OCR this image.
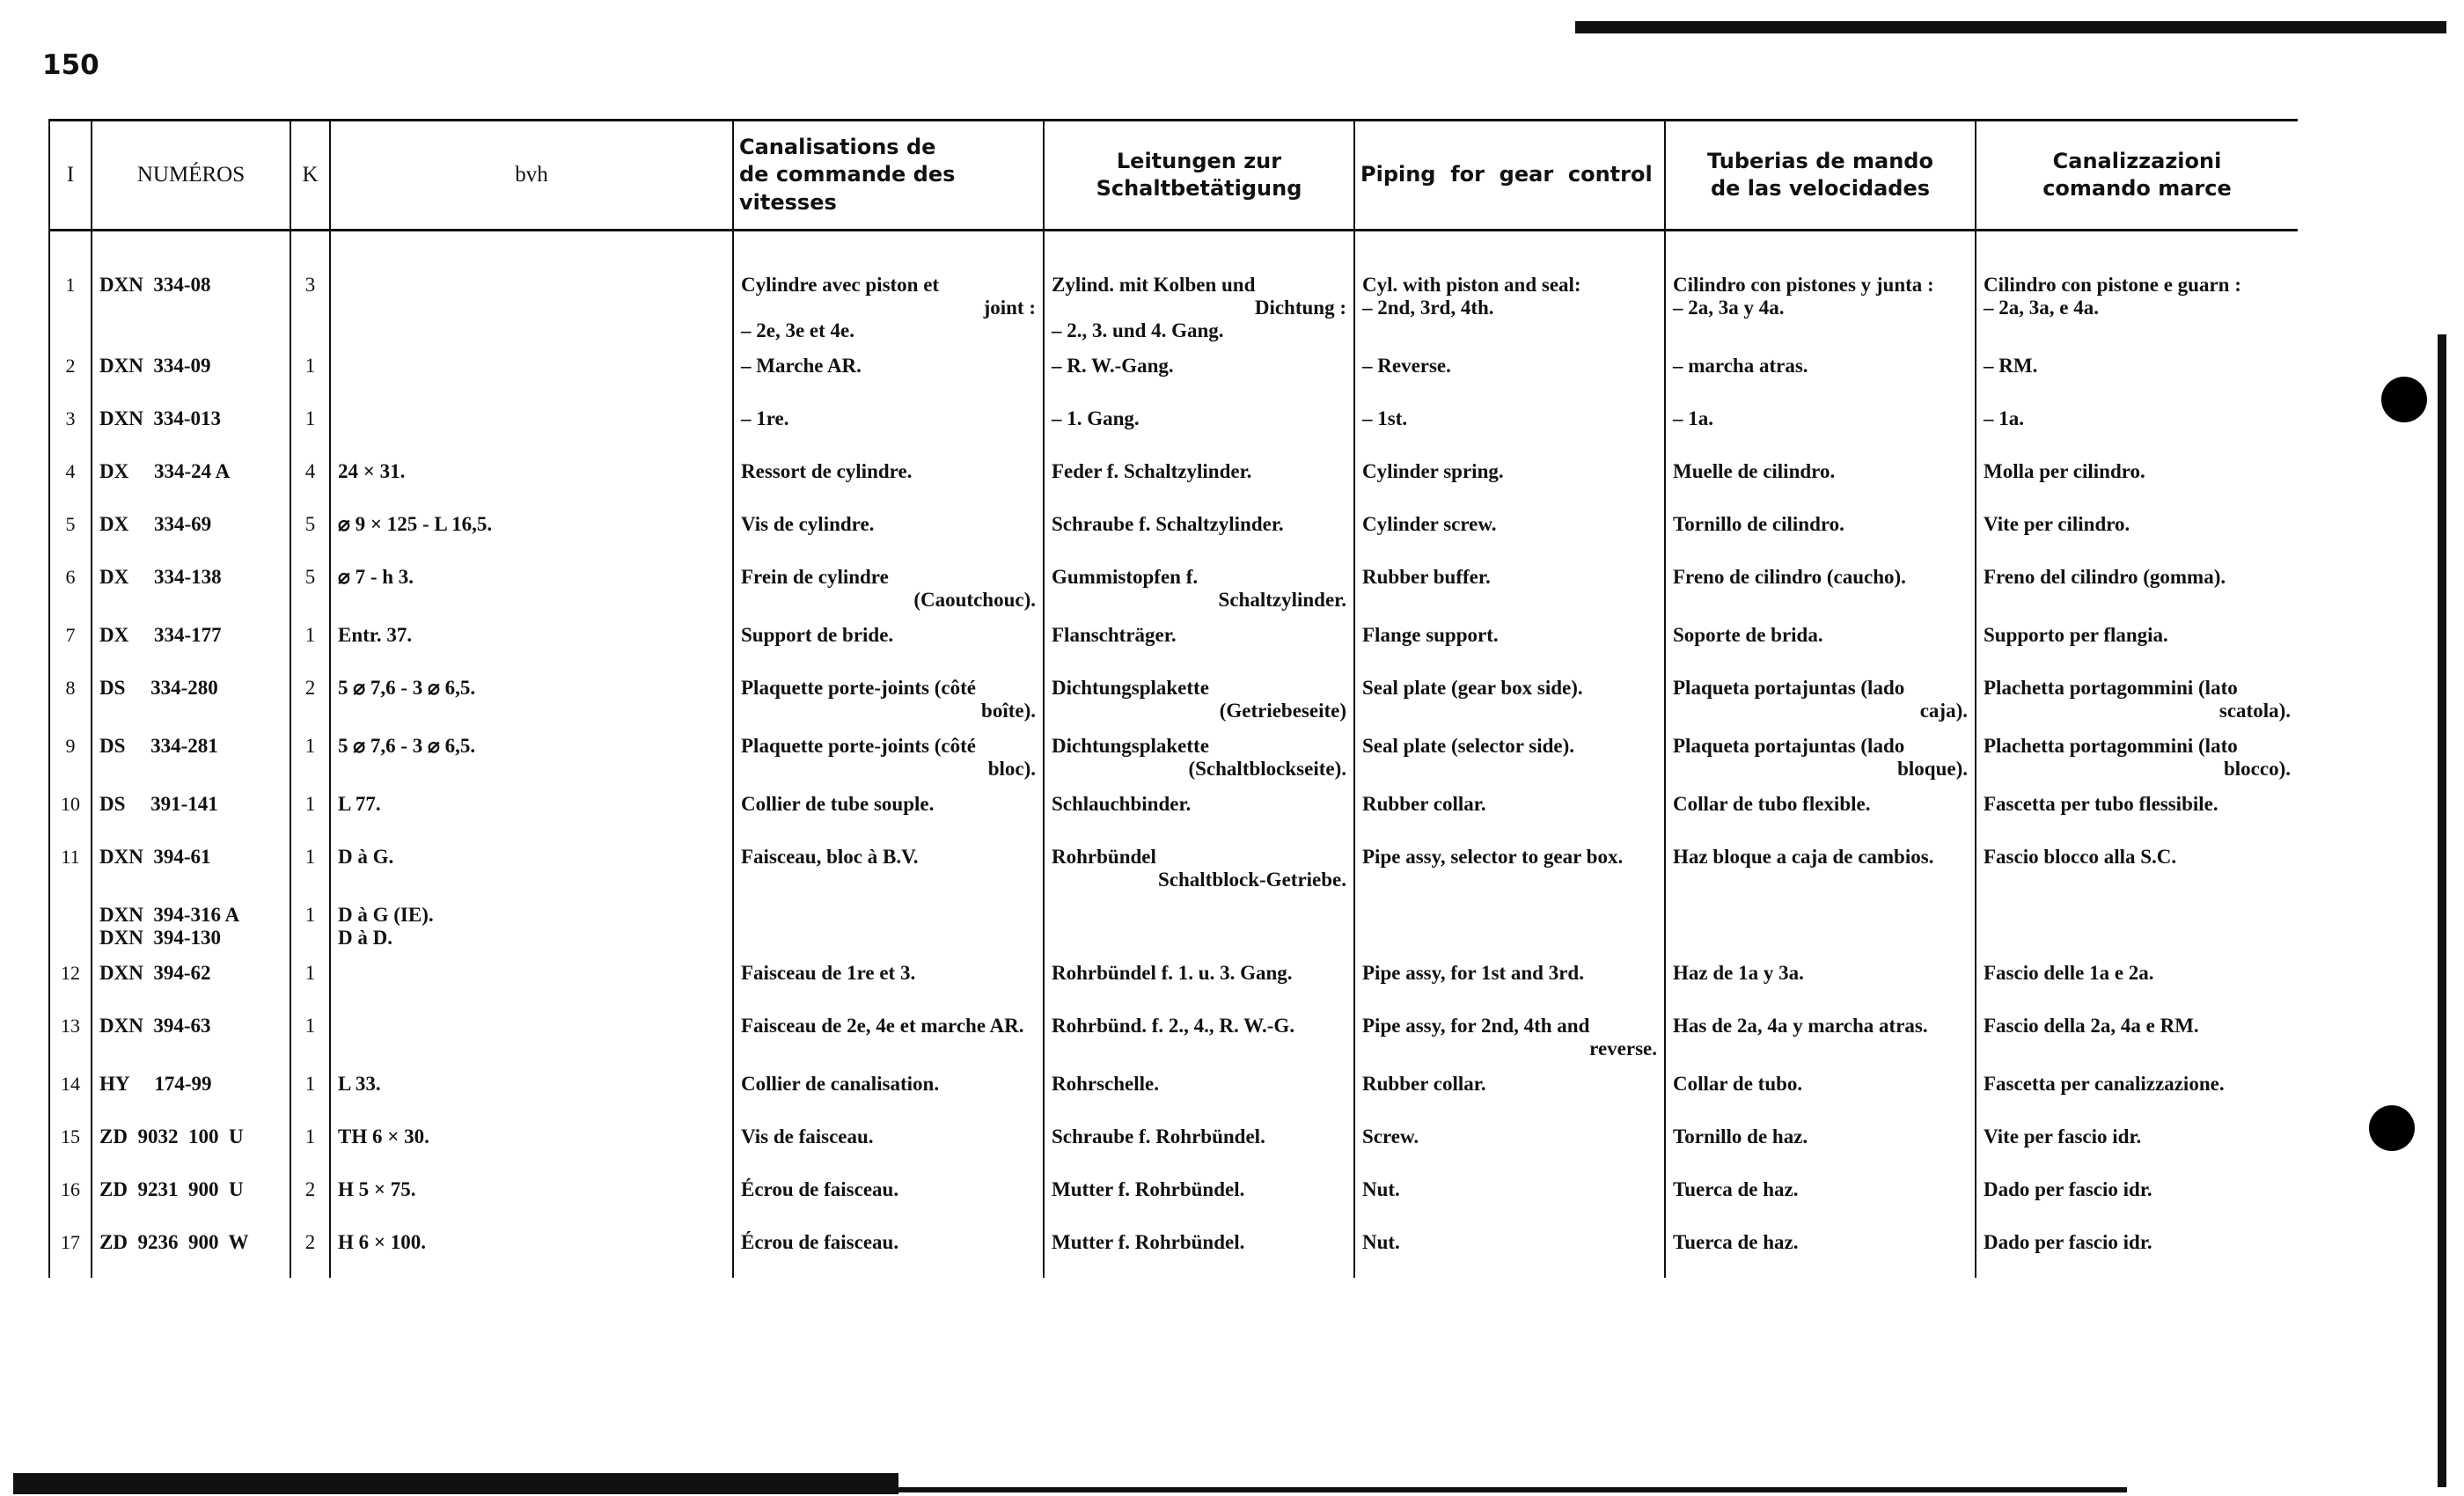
150
I	NUMÉROS	K	bvh	Canalisations de
de commande des vitesses	Leitungen zur
Schaltbetätigung	Piping  for  gear  control	Tuberias de mando
de las velocidades	Canalizzazioni
comando marce
1	DXN  334-08	3		Cylindre avec piston et
joint :
– 2e, 3e et 4e.	Zylind. mit Kolben und
Dichtung :
– 2., 3. und 4. Gang.	Cyl. with piston and seal:
– 2nd, 3rd, 4th.	Cilindro con pistones y junta :
– 2a, 3a y 4a.	Cilindro con pistone e guarn :
– 2a, 3a, e 4a.

2	DXN  334-09	1		– Marche AR.	– R. W.-Gang.	– Reverse.	– marcha atras.	– RM.

3	DXN  334-013	1		– 1re.	– 1. Gang.	– 1st.	– 1a.	– 1a.

4	DX     334-24 A	4	24 × 31.	Ressort de cylindre.	Feder f. Schaltzylinder.	Cylinder spring.	Muelle de cilindro.	Molla per cilindro.

5	DX     334-69	5	⌀ 9 × 125 - L 16,5.	Vis de cylindre.	Schraube f. Schaltzylinder.	Cylinder screw.	Tornillo de cilindro.	Vite per cilindro.

6	DX     334-138	5	⌀ 7 - h 3.	Frein de cylindre
(Caoutchouc).	Gummistopfen f.
Schaltzylinder.	Rubber buffer.	Freno de cilindro (caucho).	Freno del cilindro (gomma).

7	DX     334-177	1	Entr. 37.	Support de bride.	Flanschträger.	Flange support.	Soporte de brida.	Supporto per flangia.

8	DS     334-280	2	5 ⌀ 7,6 - 3 ⌀ 6,5.	Plaquette porte-joints (côté
boîte).	Dichtungsplakette
(Getriebeseite)	Seal plate (gear box side).	Plaqueta portajuntas (lado
caja).	Plachetta portagommini (lato
scatola).

9	DS     334-281	1	5 ⌀ 7,6 - 3 ⌀ 6,5.	Plaquette porte-joints (côté
bloc).	Dichtungsplakette
(Schaltblockseite).	Seal plate (selector side).	Plaqueta portajuntas (lado
bloque).	Plachetta portagommini (lato
blocco).

10	DS     391-141	1	L 77.	Collier de tube souple.	Schlauchbinder.	Rubber collar.	Collar de tubo flexible.	Fascetta per tubo flessibile.

11	DXN  394-61	1	D à G.	Faisceau, bloc à B.V.	Rohrbündel
Schaltblock-Getriebe.	Pipe assy, selector to gear box.	Haz bloque a caja de cambios.	Fascio blocco alla S.C.

	DXN  394-316 A
DXN  394-130	1	D à G (IE).
D à D.					
12	DXN  394-62	1		Faisceau de 1re et 3.	Rohrbündel f. 1. u. 3. Gang.	Pipe assy, for 1st and 3rd.	Haz de 1a y 3a.	Fascio delle 1a e 2a.

13	DXN  394-63	1		Faisceau de 2e, 4e et marche AR.	Rohrbünd. f. 2., 4., R. W.-G.	Pipe assy, for 2nd, 4th and
reverse.	Has de 2a, 4a y marcha atras.	Fascio della 2a, 4a e RM.

14	HY     174-99	1	L 33.	Collier de canalisation.	Rohrschelle.	Rubber collar.	Collar de tubo.	Fascetta per canalizzazione.

15	ZD  9032  100  U	1	TH 6 × 30.	Vis de faisceau.	Schraube f. Rohrbündel.	Screw.	Tornillo de haz.	Vite per fascio idr.

16	ZD  9231  900  U	2	H 5 × 75.	Écrou de faisceau.	Mutter f. Rohrbündel.	Nut.	Tuerca de haz.	Dado per fascio idr.

17	ZD  9236  900  W	2	H 6 × 100.	Écrou de faisceau.	Mutter f. Rohrbündel.	Nut.	Tuerca de haz.	Dado per fascio idr.
